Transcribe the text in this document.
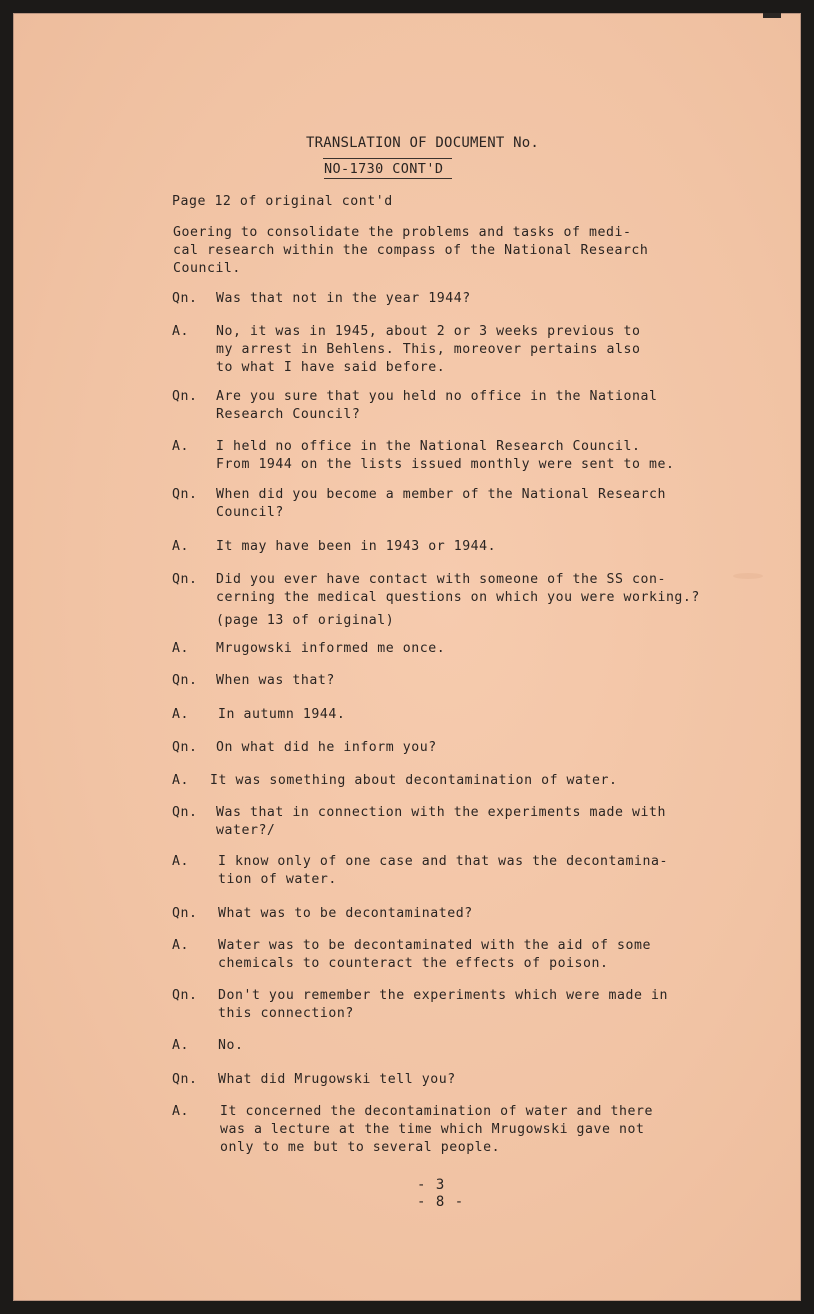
TRANSLATION OF DOCUMENT No.
NO-1730 CONT'D
Page 12 of original cont'd
Goering to consolidate the problems and tasks of medi-
cal research within the compass of the National Research
Council.
Qn. Was that not in the year 1944?
A. No, it was in 1945, about 2 or 3 weeks previous to
my arrest in Behlens. This, moreover pertains also
to what I have said before.
Qn. Are you sure that you held no office in the National
Research Council?
A. I held no office in the National Research Council.
From 1944 on the lists issued monthly were sent to me.
Qn. When did you become a member of the National Research
Council?
A. It may have been in 1943 or 1944.
Qn. Did you ever have contact with someone of the SS con-
cerning the medical questions on which you were working.?
(page 13 of original)
A. Mrugowski informed me once.
Qn. When was that?
A. In autumn 1944.
Qn. On what did he inform you?
A. It was something about decontamination of water.
Qn. Was that in connection with the experiments made with
water?/
A. I know only of one case and that was the decontamina-
tion of water.
Qn. What was to be decontaminated?
A. Water was to be decontaminated with the aid of some
chemicals to counteract the effects of poison.
Qn. Don't you remember the experiments which were made in
this connection?
A. No.
Qn. What did Mrugowski tell you?
A. It concerned the decontamination of water and there
was a lecture at the time which Mrugowski gave not
only to me but to several people.
- 3
- 8 -
